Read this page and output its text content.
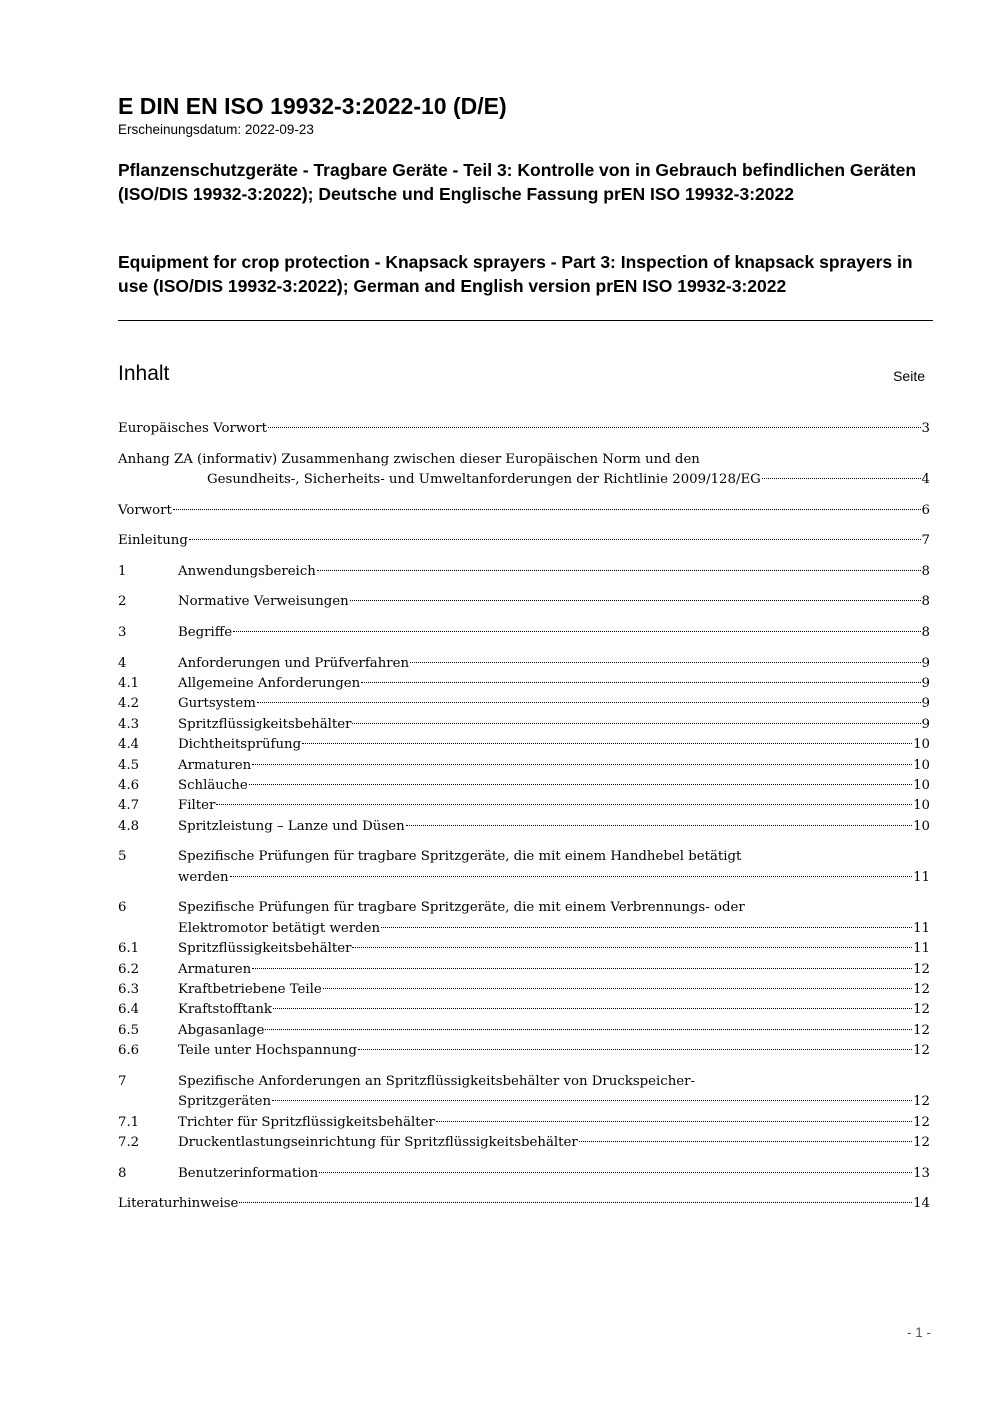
E DIN EN ISO 19932-3:2022-10 (D/E)
Erscheinungsdatum: 2022-09-23

Pflanzenschutzgeräte - Tragbare Geräte - Teil 3: Kontrolle von in Gebrauch befindlichen Geräten (ISO/DIS 19932-3:2022); Deutsche und Englische Fassung prEN ISO 19932-3:2022

Equipment for crop protection - Knapsack sprayers - Part 3: Inspection of knapsack sprayers in use (ISO/DIS 19932-3:2022); German and English version prEN ISO 19932-3:2022

Inhalt	Seite
Europäisches Vorwort	3
Anhang ZA (informativ) Zusammenhang zwischen dieser Europäischen Norm und den
Gesundheits-, Sicherheits- und Umweltanforderungen der Richtlinie 2009/128/EG	4
Vorwort	6
Einleitung	7
1	Anwendungsbereich	8
2	Normative Verweisungen	8
3	Begriffe	8
4	Anforderungen und Prüfverfahren	9
4.1	Allgemeine Anforderungen	9
4.2	Gurtsystem	9
4.3	Spritzflüssigkeitsbehälter	9
4.4	Dichtheitsprüfung	10
4.5	Armaturen	10
4.6	Schläuche	10
4.7	Filter	10
4.8	Spritzleistung – Lanze und Düsen	10
5	Spezifische Prüfungen für tragbare Spritzgeräte, die mit einem Handhebel betätigt
werden	11
6	Spezifische Prüfungen für tragbare Spritzgeräte, die mit einem Verbrennungs- oder
Elektromotor betätigt werden	11
6.1	Spritzflüssigkeitsbehälter	11
6.2	Armaturen	12
6.3	Kraftbetriebene Teile	12
6.4	Kraftstofftank	12
6.5	Abgasanlage	12
6.6	Teile unter Hochspannung	12
7	Spezifische Anforderungen an Spritzflüssigkeitsbehälter von Druckspeicher-
Spritzgeräten	12
7.1	Trichter für Spritzflüssigkeitsbehälter	12
7.2	Druckentlastungseinrichtung für Spritzflüssigkeitsbehälter	12
8	Benutzerinformation	13
Literaturhinweise	14
- 1 -
